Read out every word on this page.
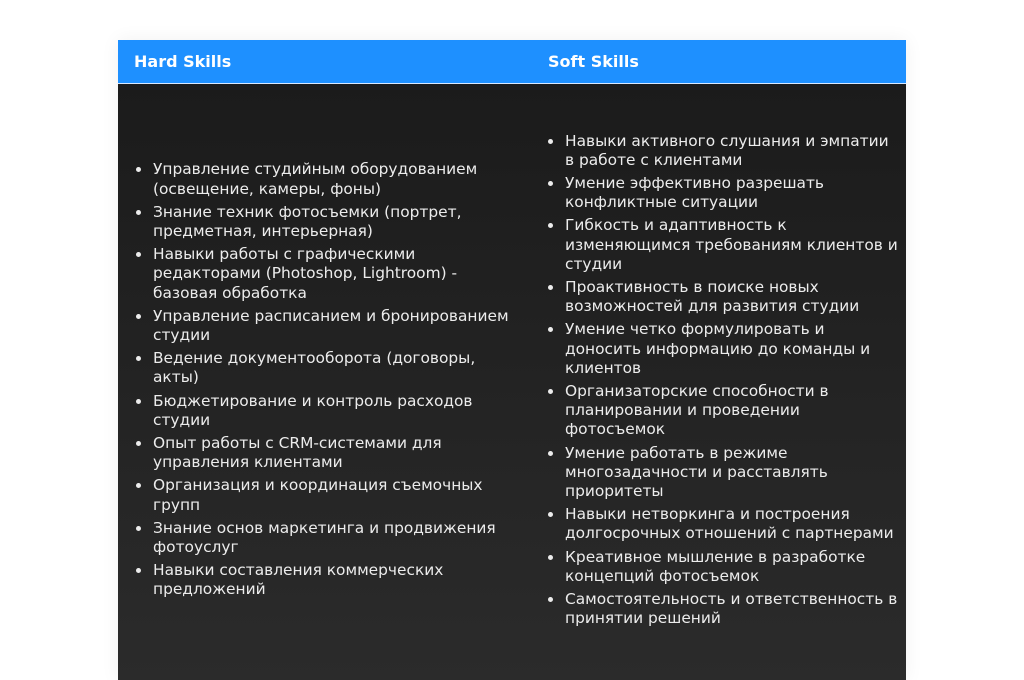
Hard Skills	Soft Skills
Управление студийным оборудованием (освещение, камеры, фоны)
Знание техник фотосъемки (портрет, предметная, интерьерная)
Навыки работы с графическими редакторами (Photoshop, Lightroom) - базовая обработка
Управление расписанием и бронированием студии
Ведение документооборота (договоры, акты)
Бюджетирование и контроль расходов студии
Опыт работы с CRM-системами для управления клиентами
Организация и координация съемочных групп
Знание основ маркетинга и продвижения фотоуслуг
Навыки составления коммерческих предложений
Навыки активного слушания и эмпатии в работе с клиентами
Умение эффективно разрешать конфликтные ситуации
Гибкость и адаптивность к изменяющимся требованиям клиентов и студии
Проактивность в поиске новых возможностей для развития студии
Умение четко формулировать и доносить информацию до команды и клиентов
Организаторские способности в планировании и проведении фотосъемок
Умение работать в режиме многозадачности и расставлять приоритеты
Навыки нетворкинга и построения долгосрочных отношений с партнерами
Креативное мышление в разработке концепций фотосъемок
Самостоятельность и ответственность в принятии решений
